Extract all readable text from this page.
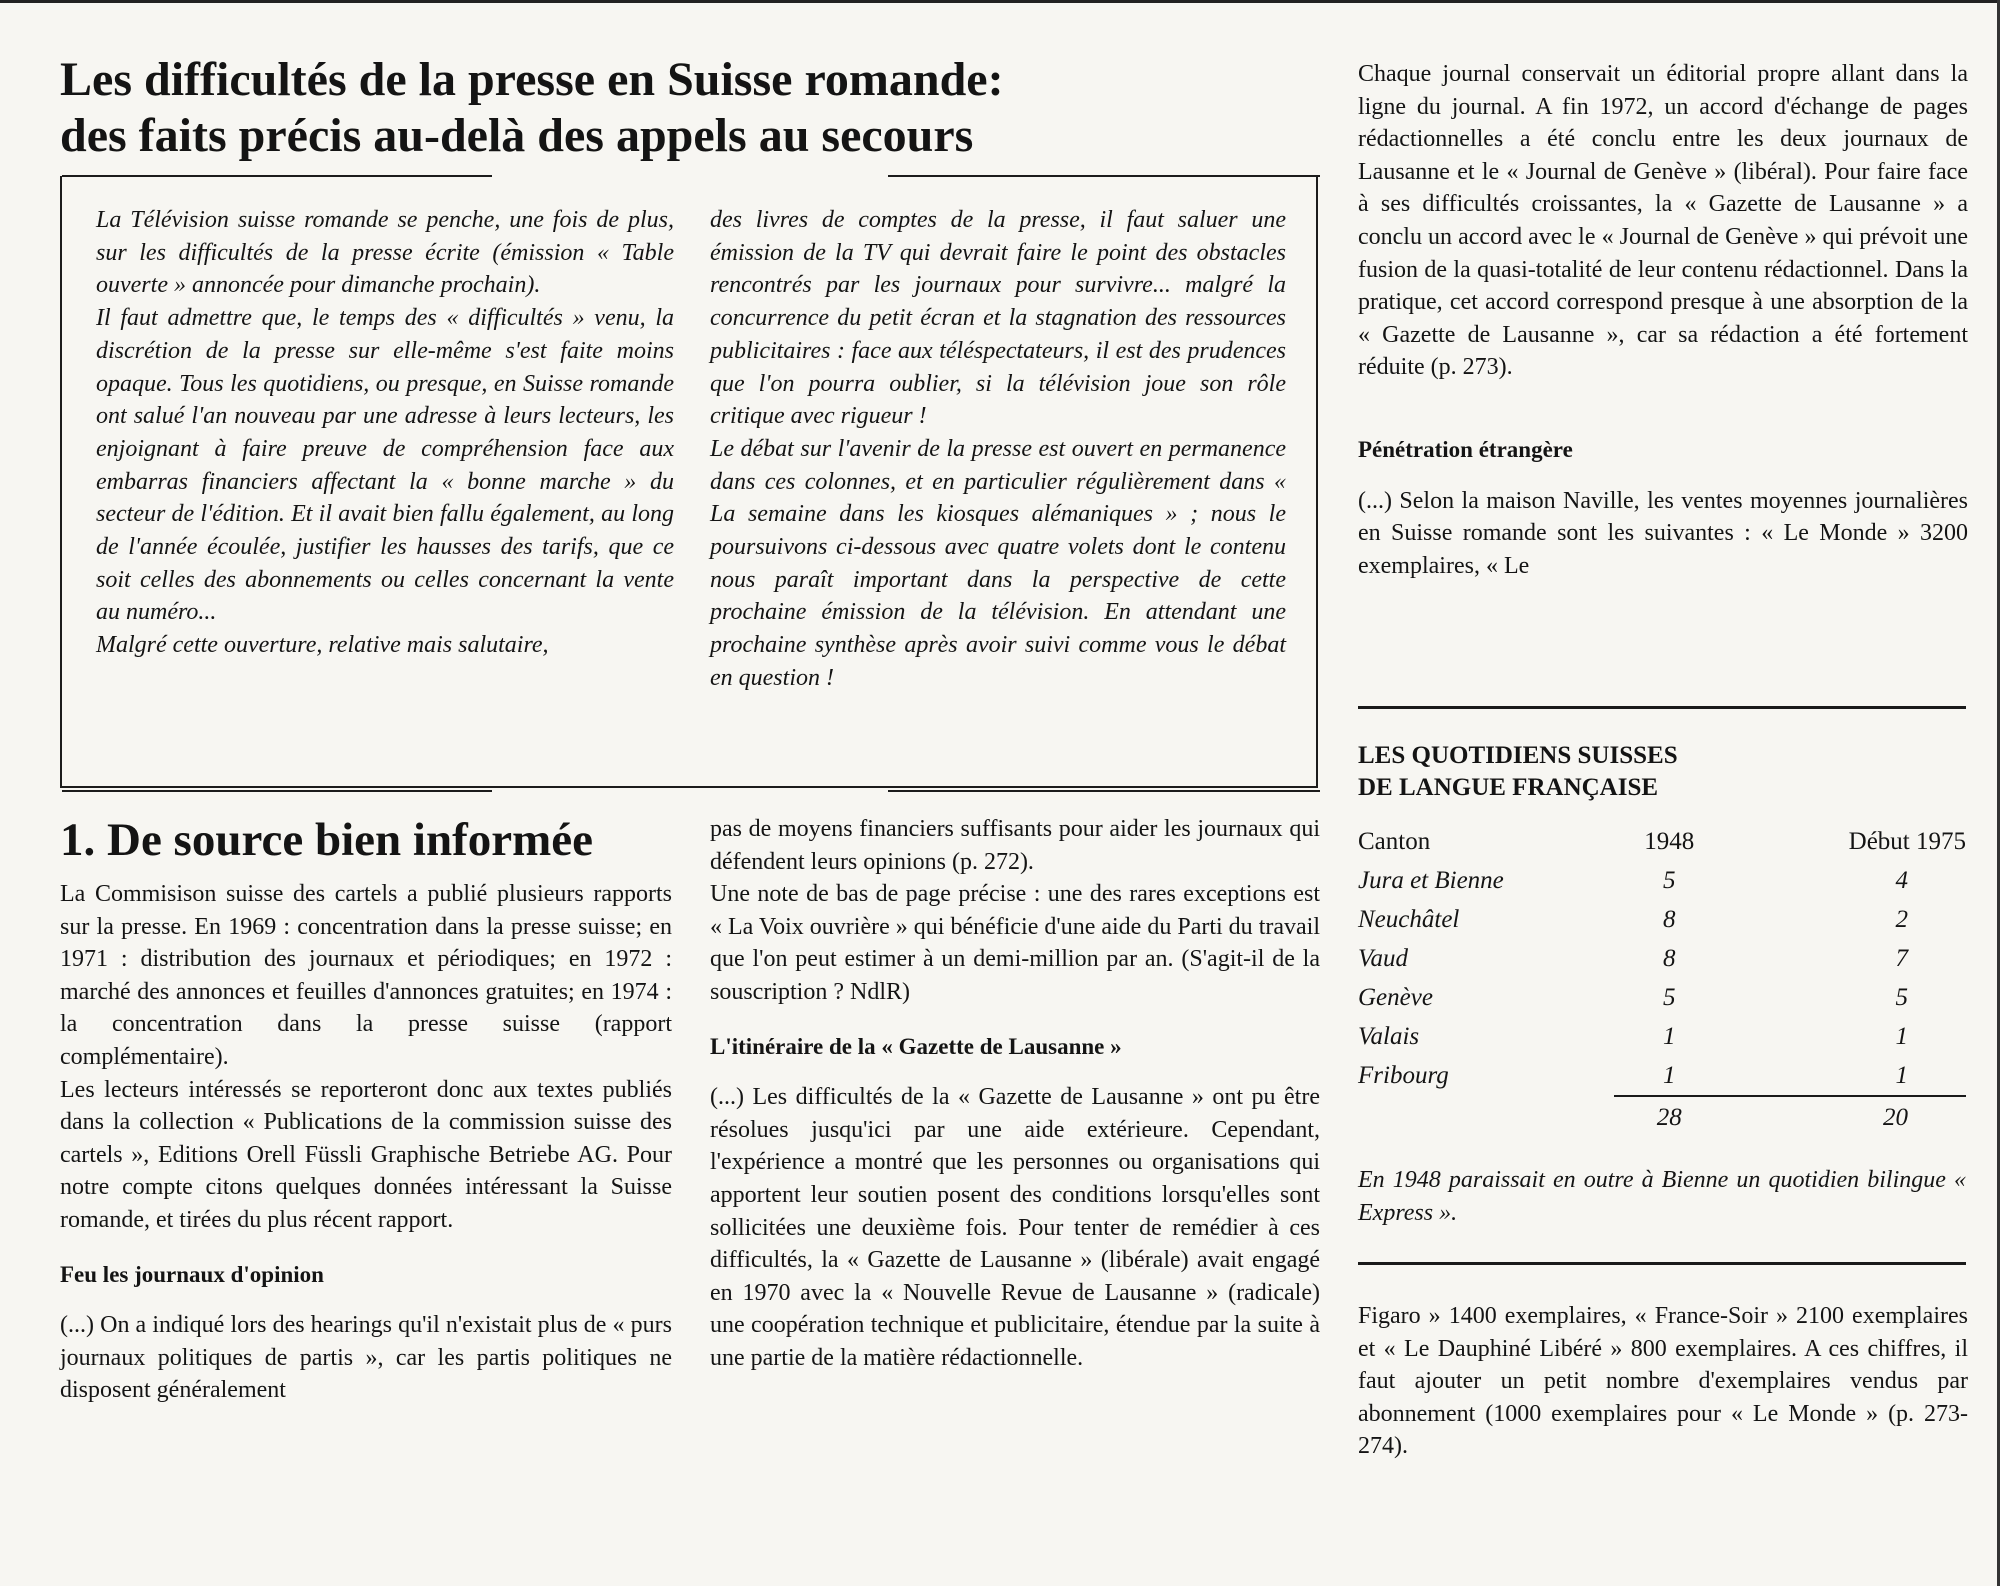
Les difficultés de la presse en Suisse romande:
des faits précis au-delà des appels au secours

La Télévision suisse romande se penche, une fois de plus, sur les difficultés de la presse écrite (émission « Table ouverte » annoncée pour dimanche prochain).

Il faut admettre que, le temps des « difficultés » venu, la discrétion de la presse sur elle-même s'est faite moins opaque. Tous les quotidiens, ou presque, en Suisse romande ont salué l'an nouveau par une adresse à leurs lecteurs, les enjoignant à faire preuve de compréhension face aux embarras financiers affectant la « bonne marche » du secteur de l'édition. Et il avait bien fallu également, au long de l'année écoulée, justifier les hausses des tarifs, que ce soit celles des abonnements ou celles concernant la vente au numéro...

Malgré cette ouverture, relative mais salutaire,

des livres de comptes de la presse, il faut saluer une émission de la TV qui devrait faire le point des obstacles rencontrés par les journaux pour survivre... malgré la concurrence du petit écran et la stagnation des ressources publicitaires : face aux téléspectateurs, il est des prudences que l'on pourra oublier, si la télévision joue son rôle critique avec rigueur !

Le débat sur l'avenir de la presse est ouvert en permanence dans ces colonnes, et en particulier régulièrement dans « La semaine dans les kiosques alémaniques » ; nous le poursuivons ci-dessous avec quatre volets dont le contenu nous paraît important dans la perspective de cette prochaine émission de la télévision. En attendant une prochaine synthèse après avoir suivi comme vous le débat en question !

1. De source bien informée

La Commisison suisse des cartels a publié plusieurs rapports sur la presse. En 1969 : concentration dans la presse suisse; en 1971 : distribution des journaux et périodiques; en 1972 : marché des annonces et feuilles d'annonces gratuites; en 1974 : la concentration dans la presse suisse (rapport complémentaire).

Les lecteurs intéressés se reporteront donc aux textes publiés dans la collection « Publications de la commission suisse des cartels », Editions Orell Füssli Graphische Betriebe AG. Pour notre compte citons quelques données intéressant la Suisse romande, et tirées du plus récent rapport.

Feu les journaux d'opinion

(...) On a indiqué lors des hearings qu'il n'existait plus de « purs journaux politiques de partis », car les partis politiques ne disposent généralement

pas de moyens financiers suffisants pour aider les journaux qui défendent leurs opinions (p. 272).

Une note de bas de page précise : une des rares exceptions est « La Voix ouvrière » qui bénéficie d'une aide du Parti du travail que l'on peut estimer à un demi-million par an. (S'agit-il de la souscription ? NdlR)

L'itinéraire de la « Gazette de Lausanne »

(...) Les difficultés de la « Gazette de Lausanne » ont pu être résolues jusqu'ici par une aide extérieure. Cependant, l'expérience a montré que les personnes ou organisations qui apportent leur soutien posent des conditions lorsqu'elles sont sollicitées une deuxième fois. Pour tenter de remédier à ces difficultés, la « Gazette de Lausanne » (libérale) avait engagé en 1970 avec la « Nouvelle Revue de Lausanne » (radicale) une coopération technique et publicitaire, étendue par la suite à une partie de la matière rédactionnelle.

Chaque journal conservait un éditorial propre allant dans la ligne du journal. A fin 1972, un accord d'échange de pages rédactionnelles a été conclu entre les deux journaux de Lausanne et le « Journal de Genève » (libéral). Pour faire face à ses difficultés croissantes, la « Gazette de Lausanne » a conclu un accord avec le « Journal de Genève » qui prévoit une fusion de la quasi-totalité de leur contenu rédactionnel. Dans la pratique, cet accord correspond presque à une absorption de la « Gazette de Lausanne », car sa rédaction a été fortement réduite (p. 273).

Pénétration étrangère

(...) Selon la maison Naville, les ventes moyennes journalières en Suisse romande sont les suivantes : « Le Monde » 3200 exemplaires, « Le

LES QUOTIDIENS SUISSES
DE LANGUE FRANÇAISE
Canton	1948	Début 1975
Jura et Bienne	5	4
Neuchâtel	8	2
Vaud	8	7
Genève	5	5
Valais	1	1
Fribourg	1	1
	28	20

En 1948 paraissait en outre à Bienne un quotidien bilingue « Express ».

Figaro » 1400 exemplaires, « France-Soir » 2100 exemplaires et « Le Dauphiné Libéré » 800 exemplaires. A ces chiffres, il faut ajouter un petit nombre d'exemplaires vendus par abonnement (1000 exemplaires pour « Le Monde » (p. 273-274).
